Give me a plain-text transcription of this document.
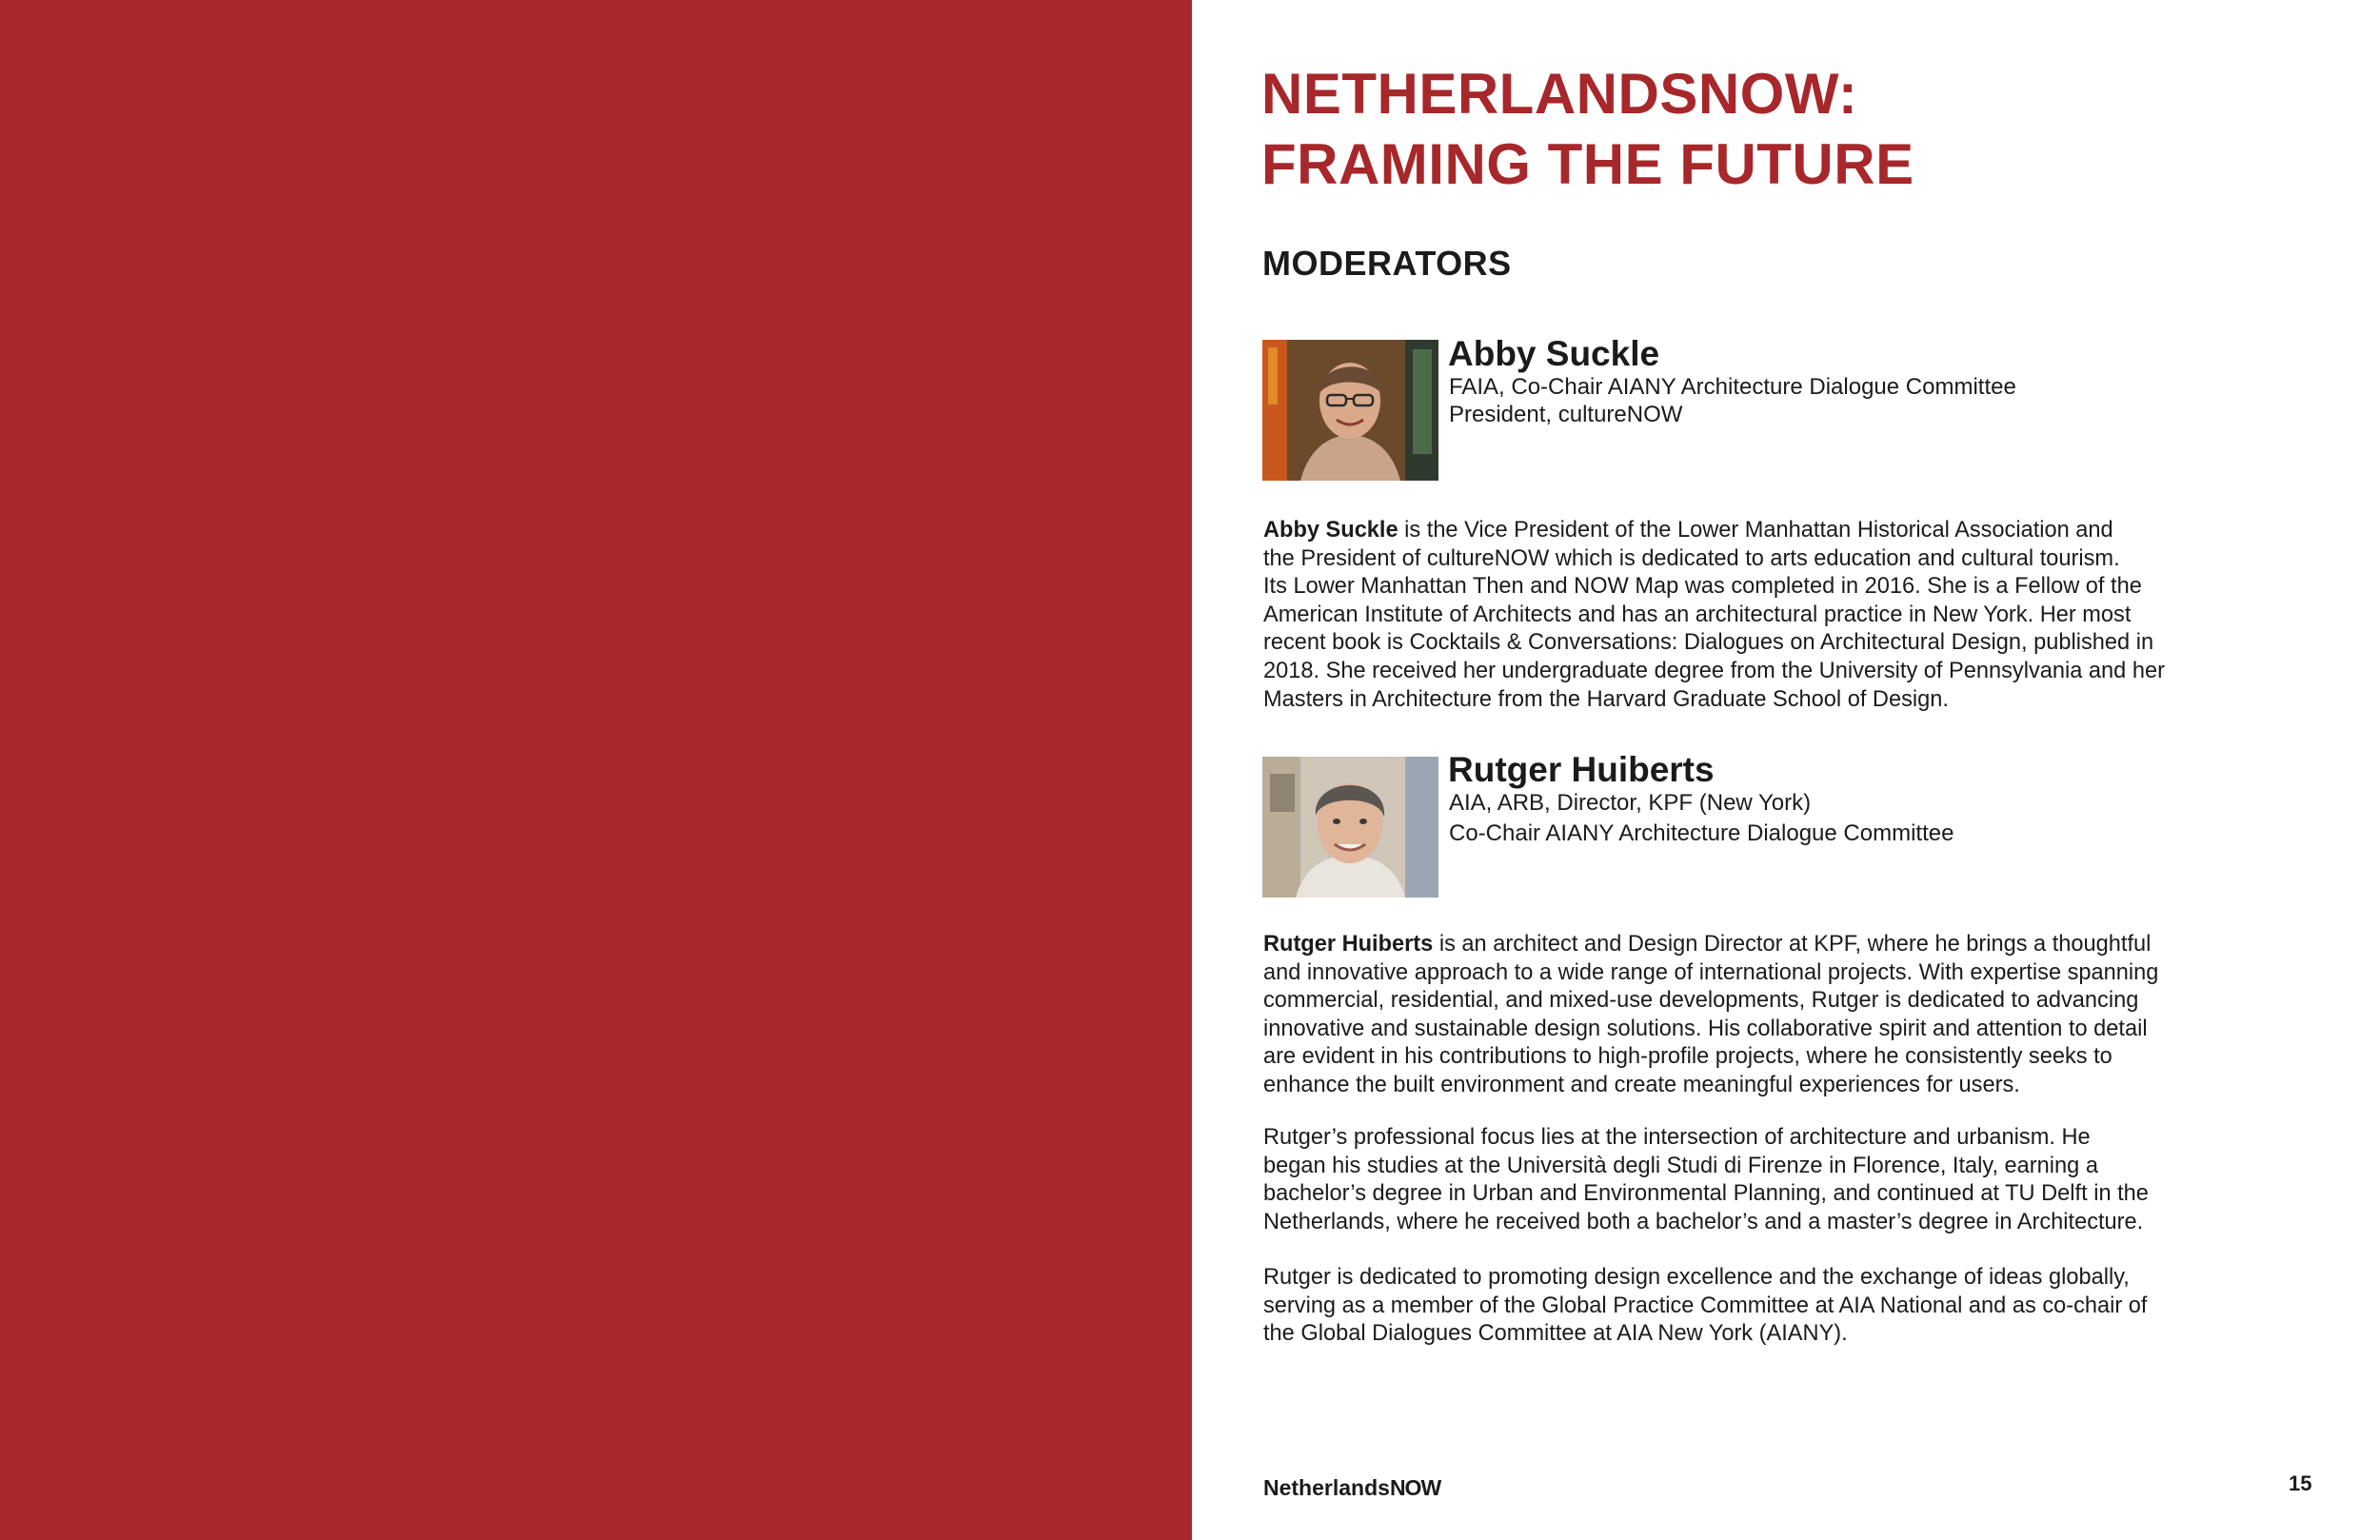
NETHERLANDSNOW:
FRAMING THE FUTURE
MODERATORS
Abby Suckle

FAIA, Co-Chair AIANY Architecture Dialogue Committee

President, cultureNOW

Abby Suckle is the Vice President of the Lower Manhattan Historical Association and
the President of cultureNOW which is dedicated to arts education and cultural tourism.
Its Lower Manhattan Then and NOW Map was completed in 2016. She is a Fellow of the
American Institute of Architects and has an architectural practice in New York. Her most
recent book is Cocktails & Conversations: Dialogues on Architectural Design, published in
2018. She received her undergraduate degree from the University of Pennsylvania and her
Masters in Architecture from the Harvard Graduate School of Design.

Rutger Huiberts

AIA, ARB, Director, KPF (New York)

Co-Chair AIANY Architecture Dialogue Committee

Rutger Huiberts is an architect and Design Director at KPF, where he brings a thoughtful
and innovative approach to a wide range of international projects. With expertise spanning
commercial, residential, and mixed-use developments, Rutger is dedicated to advancing
innovative and sustainable design solutions. His collaborative spirit and attention to detail
are evident in his contributions to high-profile projects, where he consistently seeks to
enhance the built environment and create meaningful experiences for users.

Rutger’s professional focus lies at the intersection of architecture and urbanism. He
began his studies at the Università degli Studi di Firenze in Florence, Italy, earning a
bachelor’s degree in Urban and Environmental Planning, and continued at TU Delft in the
Netherlands, where he received both a bachelor’s and a master’s degree in Architecture.

Rutger is dedicated to promoting design excellence and the exchange of ideas globally,
serving as a member of the Global Practice Committee at AIA National and as co-chair of
the Global Dialogues Committee at AIA New York (AIANY).

NetherlandsNOW	15
